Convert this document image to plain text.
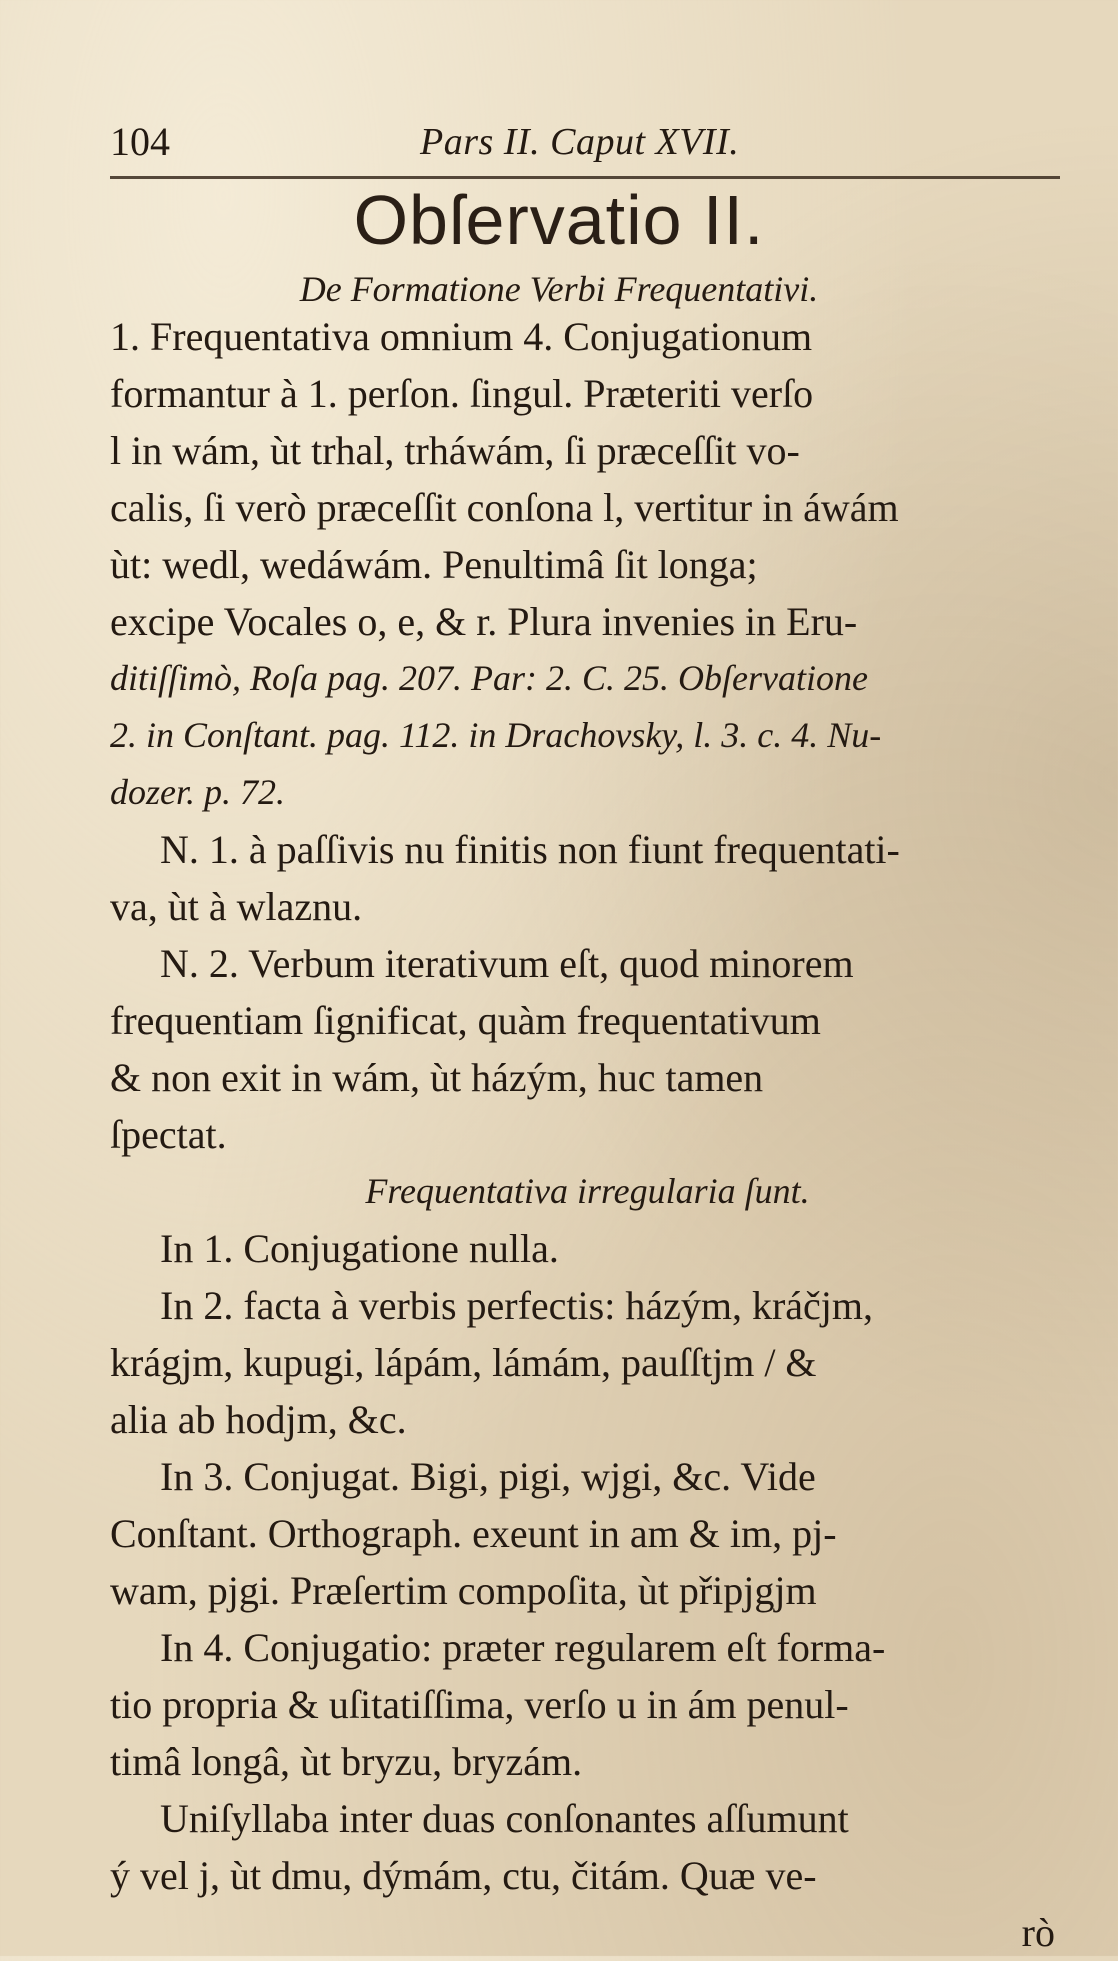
104	Pars II. Caput XVII.
Obſervatio II.
De Formatione Verbi Frequentativi.
1. Frequentativa omnium 4. Conjugationum
formantur à 1. perſon. ſingul. Præteriti verſo
l in wám, ùt trhal, trháwám, ſi præceſſit vo-
calis, ſi verò præceſſit conſona l, vertitur in áwám
ùt: wedl, wedáwám. Penultimâ ſit longa;
excipe Vocales o, e, & r. Plura invenies in Eru-
ditiſſimò, Roſa pag. 207. Par: 2. C. 25. Obſervatione
2. in Conſtant. pag. 112. in Drachovsky, l. 3. c. 4. Nu-
dozer. p. 72.
N. 1. à paſſivis nu finitis non fiunt frequentati-
va, ùt à wlaznu.
N. 2. Verbum iterativum eſt, quod minorem
frequentiam ſignificat, quàm frequentativum
& non exit in wám, ùt házým, huc tamen
ſpectat.
Frequentativa irregularia ſunt.
In 1. Conjugatione nulla.
In 2. facta à verbis perfectis: házým, kráčjm,
krágjm, kupugi, lápám, lámám, pauſſtjm / &
alia ab hodjm, &c.
In 3. Conjugat. Bigi, pigi, wjgi, &c. Vide
Conſtant. Orthograph. exeunt in am & im, pj-
wam, pjgi. Præſertim compoſita, ùt připjgjm
In 4. Conjugatio: præter regularem eſt forma-
tio propria & uſitatiſſima, verſo u in ám penul-
timâ longâ, ùt bryzu, bryzám.
Uniſyllaba inter duas conſonantes aſſumunt
ý vel j, ùt dmu, dýmám, ctu, čitám. Quæ ve-
rò
